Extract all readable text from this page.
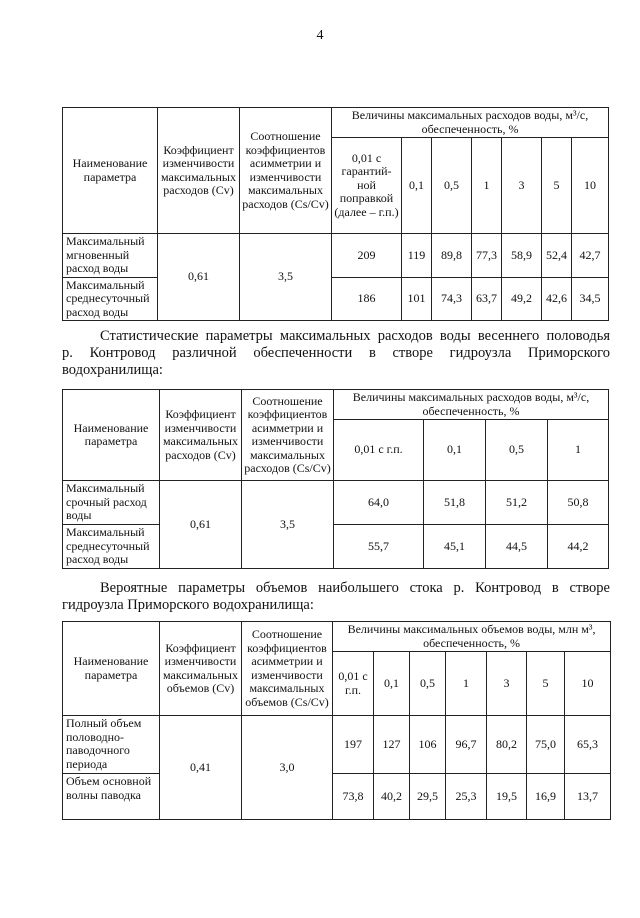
4
Наименование параметра	Коэффициент изменчивости максимальных расходов (Cv)	Соотношение коэффициентов асимметрии и изменчивости максимальных расходов (Cs/Cv)	Величины максимальных расходов воды, м³/с, обеспеченность, %						
			0,01 с гарантий-ной поправкой (далее – г.п.)	0,1	0,5	1	3	5	10
Максимальный мгновенный расход воды	0,61	3,5	209	119	89,8	77,3	58,9	52,4	42,7
Максимальный среднесуточный расход воды			186	101	74,3	63,7	49,2	42,6	34,5
Статистические параметры максимальных расходов воды весеннего половодья
р. Контровод различной обеспеченности в створе гидроузла Приморского
водохранилища:
Наименование параметра	Коэффициент изменчивости максимальных расходов (Cv)	Соотношение коэффициентов асимметрии и изменчивости максимальных расходов (Cs/Cv)	Величины максимальных расходов воды, м³/с, обеспеченность, %			
			0,01 с г.п.	0,1	0,5	1
Максимальный срочный расход воды	0,61	3,5	64,0	51,8	51,2	50,8
Максимальный среднесуточный расход воды			55,7	45,1	44,5	44,2
Вероятные параметры объемов наибольшего стока р. Контровод в створе
гидроузла Приморского водохранилища:
Наименование параметра	Коэффициент изменчивости максимальных объемов (Cv)	Соотношение коэффициентов асимметрии и изменчивости максимальных объемов (Cs/Cv)	Величины максимальных объемов воды, млн м³, обеспеченность, %						
			0,01 с г.п.	0,1	0,5	1	3	5	10
Полный объем половодно-паводочного периода	0,41	3,0	197	127	106	96,7	80,2	75,0	65,3
Объем основной волны паводка			73,8	40,2	29,5	25,3	19,5	16,9	13,7
